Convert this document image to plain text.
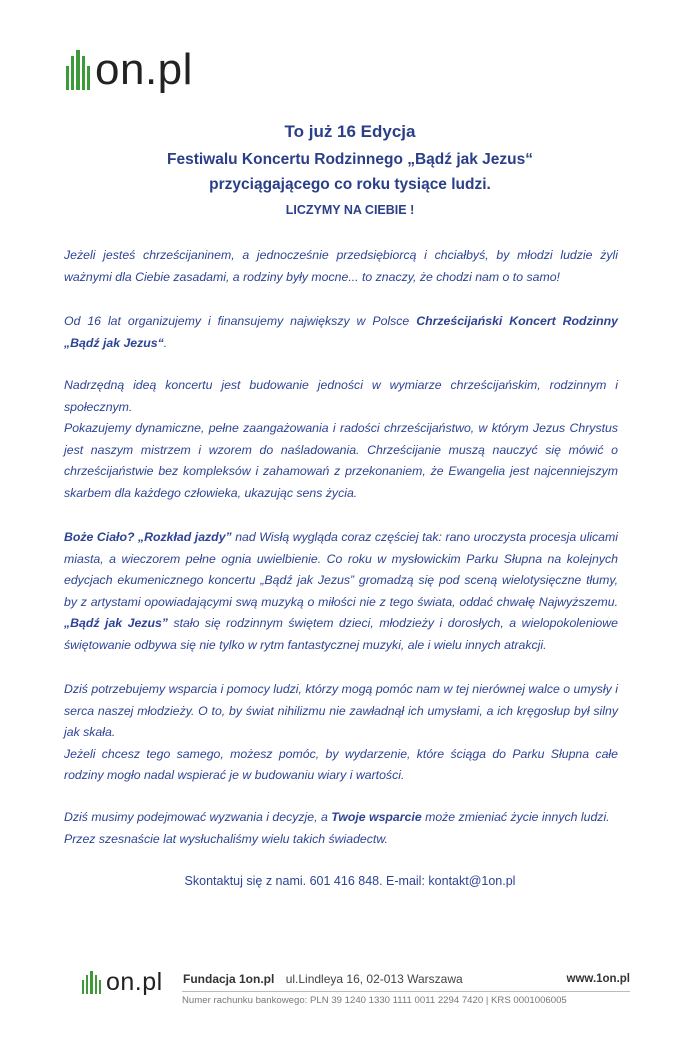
on.pl
To już 16 Edycja
Festiwalu Koncertu Rodzinnego „Bądź jak Jezus“
przyciągającego co roku tysiące ludzi.
LICZYMY NA CIEBIE !

Jeżeli jesteś chrześcijaninem, a jednocześnie przedsiębiorcą i chciałbyś, by młodzi ludzie żyli ważnymi dla Ciebie zasadami, a rodziny były mocne... to znaczy, że chodzi nam o to samo!

Od 16 lat organizujemy i finansujemy największy w Polsce Chrześcijański Koncert Rodzinny „Bądź jak Jezus“.

Nadrzędną ideą koncertu jest budowanie jedności w wymiarze chrześcijańskim, rodzinnym i społecznym.
Pokazujemy dynamiczne, pełne zaangażowania i radości chrześcijaństwo, w którym Jezus Chrystus jest naszym mistrzem i wzorem do naśladowania. Chrześcijanie muszą nauczyć się mówić o chrześcijaństwie bez kompleksów i zahamowań z przekonaniem, że Ewangelia jest najcenniejszym skarbem dla każdego człowieka, ukazując sens życia.

Boże Ciało? „Rozkład jazdy” nad Wisłą wygląda coraz częściej tak: rano uroczysta procesja ulicami miasta, a wieczorem pełne ognia uwielbienie. Co roku w mysłowickim Parku Słupna na kolejnych edycjach ekumenicznego koncertu „Bądź jak Jezus” gromadzą się pod sceną wielotysięczne tłumy, by z artystami opowiadającymi swą muzyką o miłości nie z tego świata, oddać chwałę Najwyższemu. „Bądź jak Jezus” stało się rodzinnym świętem dzieci, młodzieży i dorosłych, a wielopokoleniowe świętowanie odbywa się nie tylko w rytm fantastycznej muzyki, ale i wielu innych atrakcji.

Dziś potrzebujemy wsparcia i pomocy ludzi, którzy mogą pomóc nam w tej nierównej walce o umysły i serca naszej młodzieży. O to, by świat nihilizmu nie zawładnął ich umysłami, a ich kręgosłup był silny jak skała.
Jeżeli chcesz tego samego, możesz pomóc, by wydarzenie, które ściąga do Parku Słupna całe rodziny mogło nadal wspierać je w budowaniu wiary i wartości.

Dziś musimy podejmować wyzwania i decyzje, a Twoje wsparcie może zmieniać życie innych ludzi.
Przez szesnaście lat wysłuchaliśmy wielu takich świadectw.

Skontaktuj się z nami. 601 416 848. E-mail: kontakt@1on.pl
on.pl Fundacja 1on.pl ul.Lindleya 16, 02-013 Warszawa	www.1on.pl
Numer rachunku bankowego: PLN 39 1240 1330 1111 0011 2294 7420 | KRS 0001006005
